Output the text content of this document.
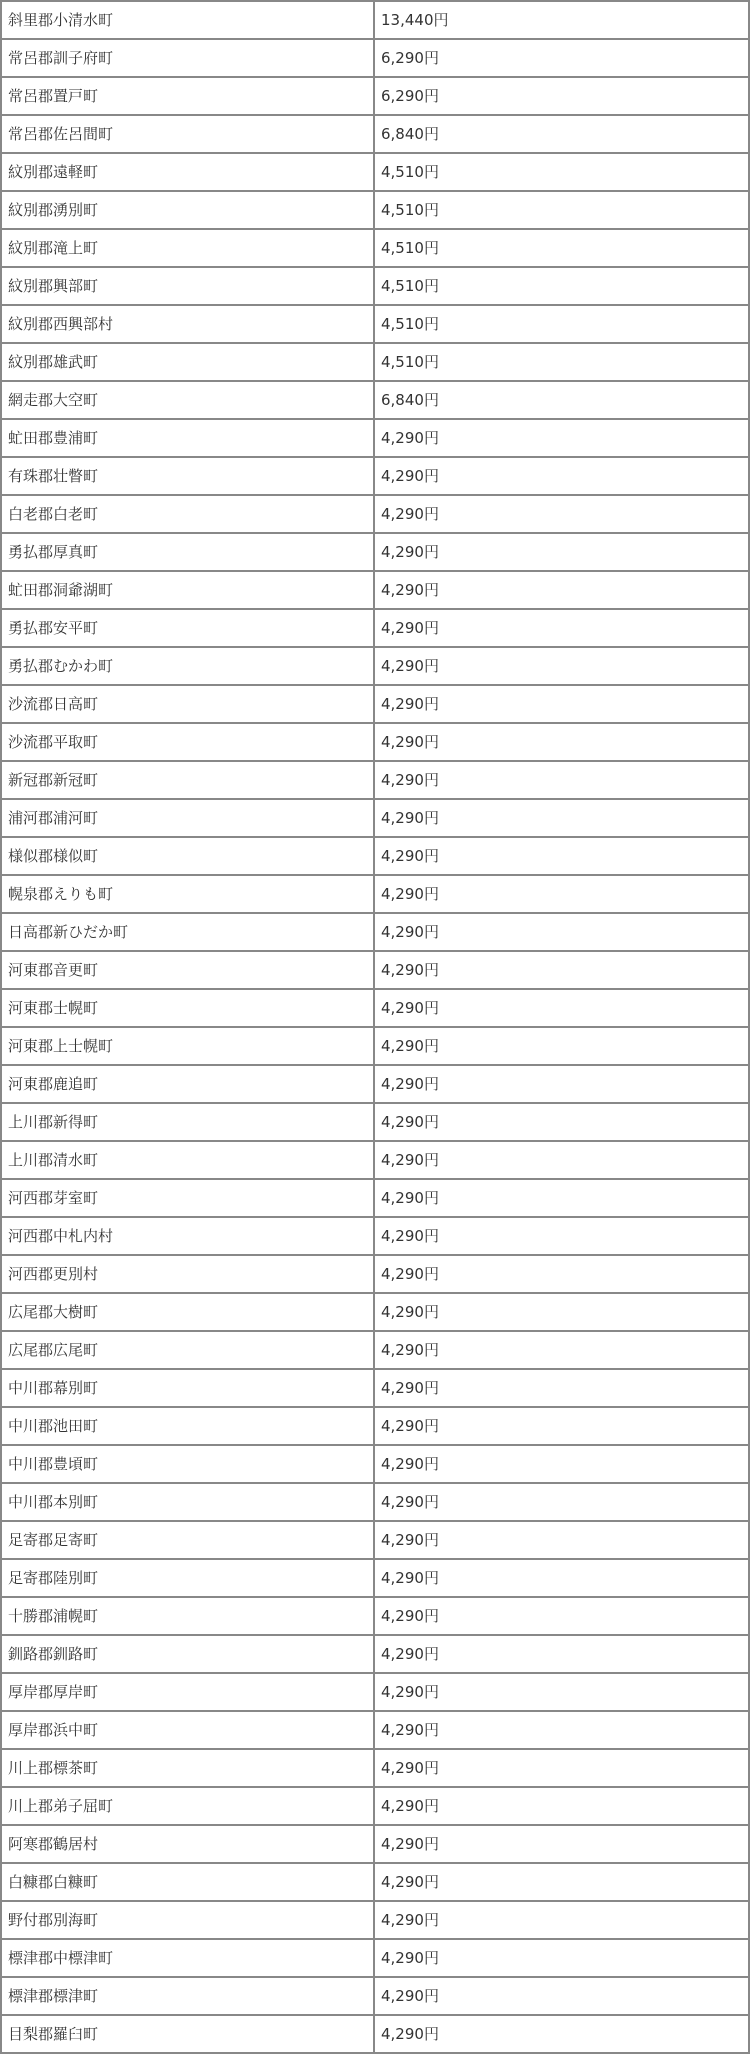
斜里郡小清水町	13,440円
常呂郡訓子府町	6,290円
常呂郡置戸町	6,290円
常呂郡佐呂間町	6,840円
紋別郡遠軽町	4,510円
紋別郡湧別町	4,510円
紋別郡滝上町	4,510円
紋別郡興部町	4,510円
紋別郡西興部村	4,510円
紋別郡雄武町	4,510円
網走郡大空町	6,840円
虻田郡豊浦町	4,290円
有珠郡壮瞥町	4,290円
白老郡白老町	4,290円
勇払郡厚真町	4,290円
虻田郡洞爺湖町	4,290円
勇払郡安平町	4,290円
勇払郡むかわ町	4,290円
沙流郡日高町	4,290円
沙流郡平取町	4,290円
新冠郡新冠町	4,290円
浦河郡浦河町	4,290円
様似郡様似町	4,290円
幌泉郡えりも町	4,290円
日高郡新ひだか町	4,290円
河東郡音更町	4,290円
河東郡士幌町	4,290円
河東郡上士幌町	4,290円
河東郡鹿追町	4,290円
上川郡新得町	4,290円
上川郡清水町	4,290円
河西郡芽室町	4,290円
河西郡中札内村	4,290円
河西郡更別村	4,290円
広尾郡大樹町	4,290円
広尾郡広尾町	4,290円
中川郡幕別町	4,290円
中川郡池田町	4,290円
中川郡豊頃町	4,290円
中川郡本別町	4,290円
足寄郡足寄町	4,290円
足寄郡陸別町	4,290円
十勝郡浦幌町	4,290円
釧路郡釧路町	4,290円
厚岸郡厚岸町	4,290円
厚岸郡浜中町	4,290円
川上郡標茶町	4,290円
川上郡弟子屈町	4,290円
阿寒郡鶴居村	4,290円
白糠郡白糠町	4,290円
野付郡別海町	4,290円
標津郡中標津町	4,290円
標津郡標津町	4,290円
目梨郡羅臼町	4,290円
